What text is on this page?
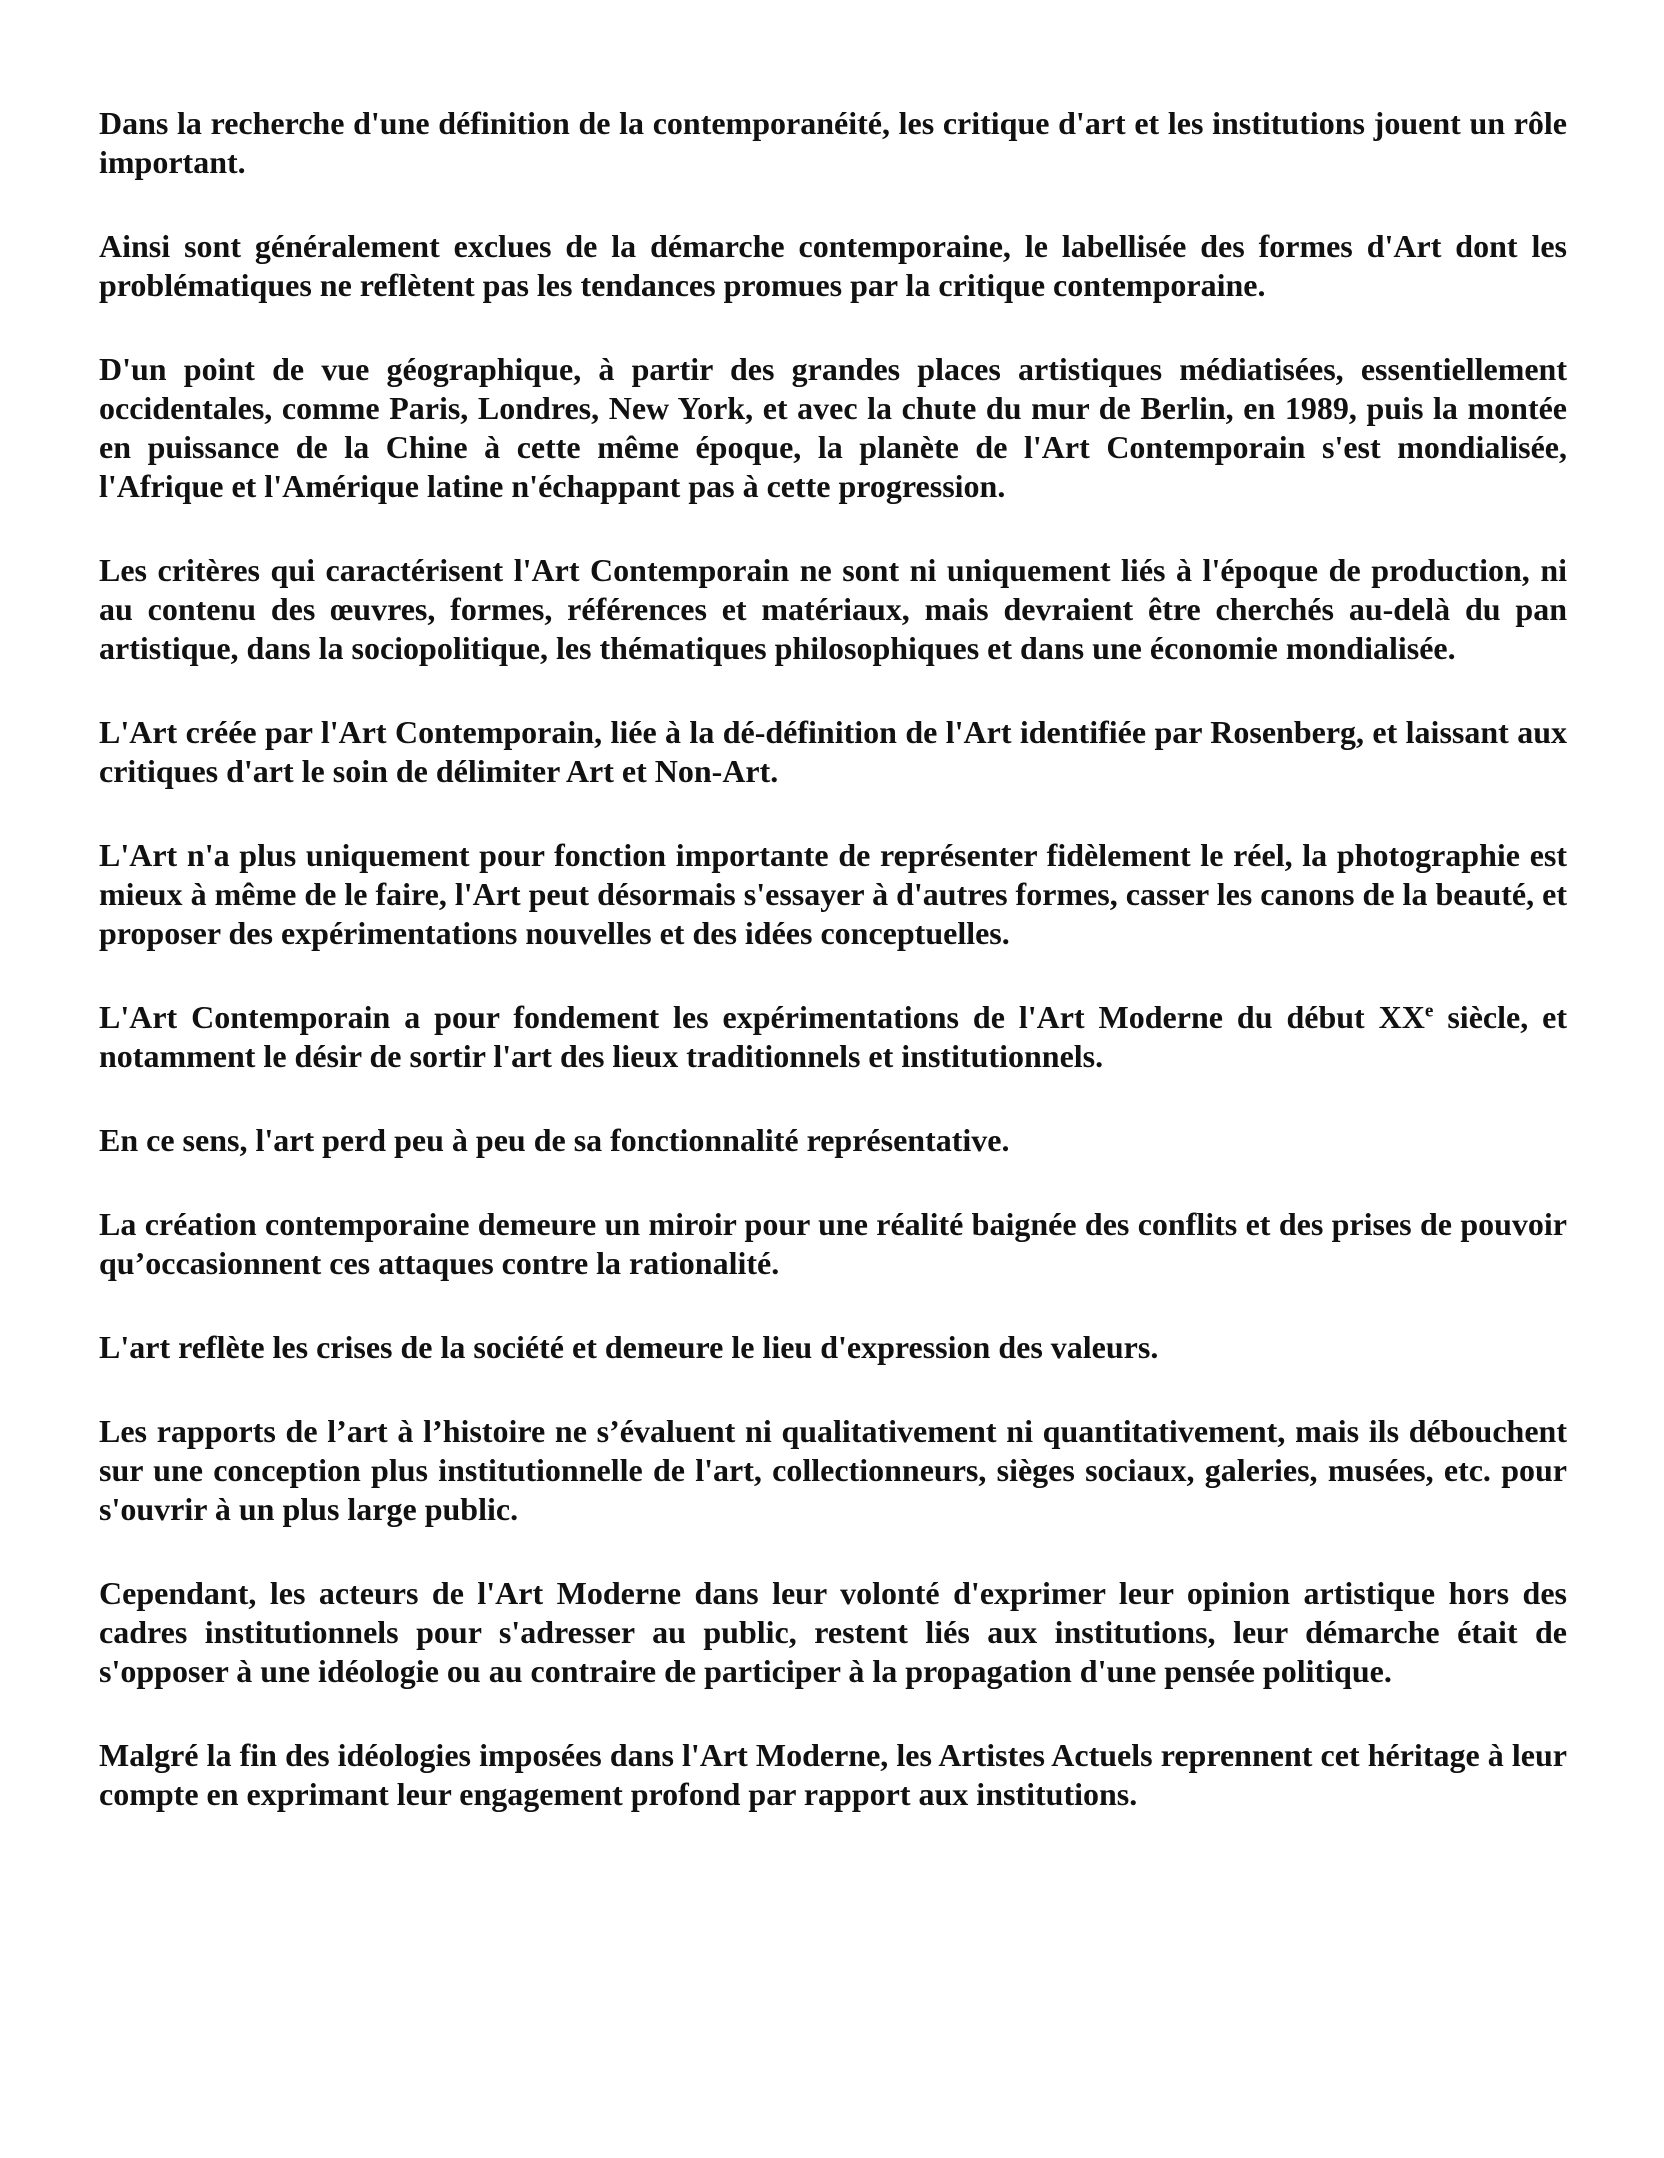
Dans la recherche d'une définition de la contemporanéité, les critique d'art et les institutions jouent un rôle important.

Ainsi sont généralement exclues de la démarche contemporaine, le labellisée des formes d'Art dont les problématiques ne reflètent pas les tendances promues par la critique contemporaine.

D'un point de vue géographique, à partir des grandes places artistiques médiatisées, essentiellement occidentales, comme Paris, Londres, New York, et avec la chute du mur de Berlin, en 1989, puis la montée en puissance de la Chine à cette même époque, la planète de l'Art Contemporain s'est mondialisée, l'Afrique et l'Amérique latine n'échappant pas à cette progression.

Les critères qui caractérisent l'Art Contemporain ne sont ni uniquement liés à l'époque de production, ni au contenu des œuvres, formes, références et matériaux, mais devraient être cherchés au-delà du pan artistique, dans la sociopolitique, les thématiques philosophiques et dans une économie mondialisée.

L'Art créée par l'Art Contemporain, liée à la dé-définition de l'Art identifiée par Rosenberg, et laissant aux critiques d'art le soin de délimiter Art et Non-Art.

L'Art n'a plus uniquement pour fonction importante de représenter fidèlement le réel, la photographie est mieux à même de le faire, l'Art peut désormais s'essayer à d'autres formes, casser les canons de la beauté, et proposer des expérimentations nouvelles et des idées conceptuelles.

L'Art Contemporain a pour fondement les expérimentations de l'Art Moderne du début XXe siècle, et notamment le désir de sortir l'art des lieux traditionnels et institutionnels.

En ce sens, l'art perd peu à peu de sa fonctionnalité représentative.

La création contemporaine demeure un miroir pour une réalité baignée des conflits et des prises de pouvoir qu’occasionnent ces attaques contre la rationalité.

L'art reflète les crises de la société et demeure le lieu d'expression des valeurs.

Les rapports de l’art à l’histoire ne s’évaluent ni qualitativement ni quantitativement, mais ils débouchent sur une conception plus institutionnelle de l'art, collectionneurs, sièges sociaux, galeries, musées, etc. pour s'ouvrir à un plus large public.

Cependant, les acteurs de l'Art Moderne dans leur volonté d'exprimer leur opinion artistique hors des cadres institutionnels pour s'adresser au public, restent liés aux institutions, leur démarche était de s'opposer à une idéologie ou au contraire de participer à la propagation d'une pensée politique.

Malgré la fin des idéologies imposées dans l'Art Moderne, les Artistes Actuels reprennent cet héritage à leur compte en exprimant leur engagement profond par rapport aux institutions.
